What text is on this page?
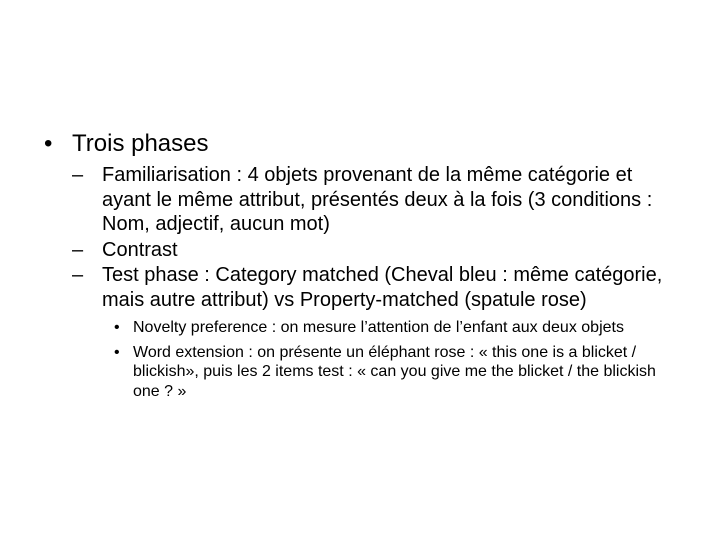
• Trois phases
– Familiarisation : 4 objets provenant de la même catégorie et ayant le même attribut, présentés deux à la fois (3 conditions : Nom, adjectif, aucun mot)
– Contrast
– Test phase : Category matched (Cheval bleu : même catégorie, mais autre attribut) vs Property-matched (spatule rose)
• Novelty preference : on mesure l’attention de l’enfant aux deux objets
• Word extension : on présente un éléphant rose : « this one is a blicket / blickish», puis les 2 items test : « can you give me the blicket / the blickish one ? »
